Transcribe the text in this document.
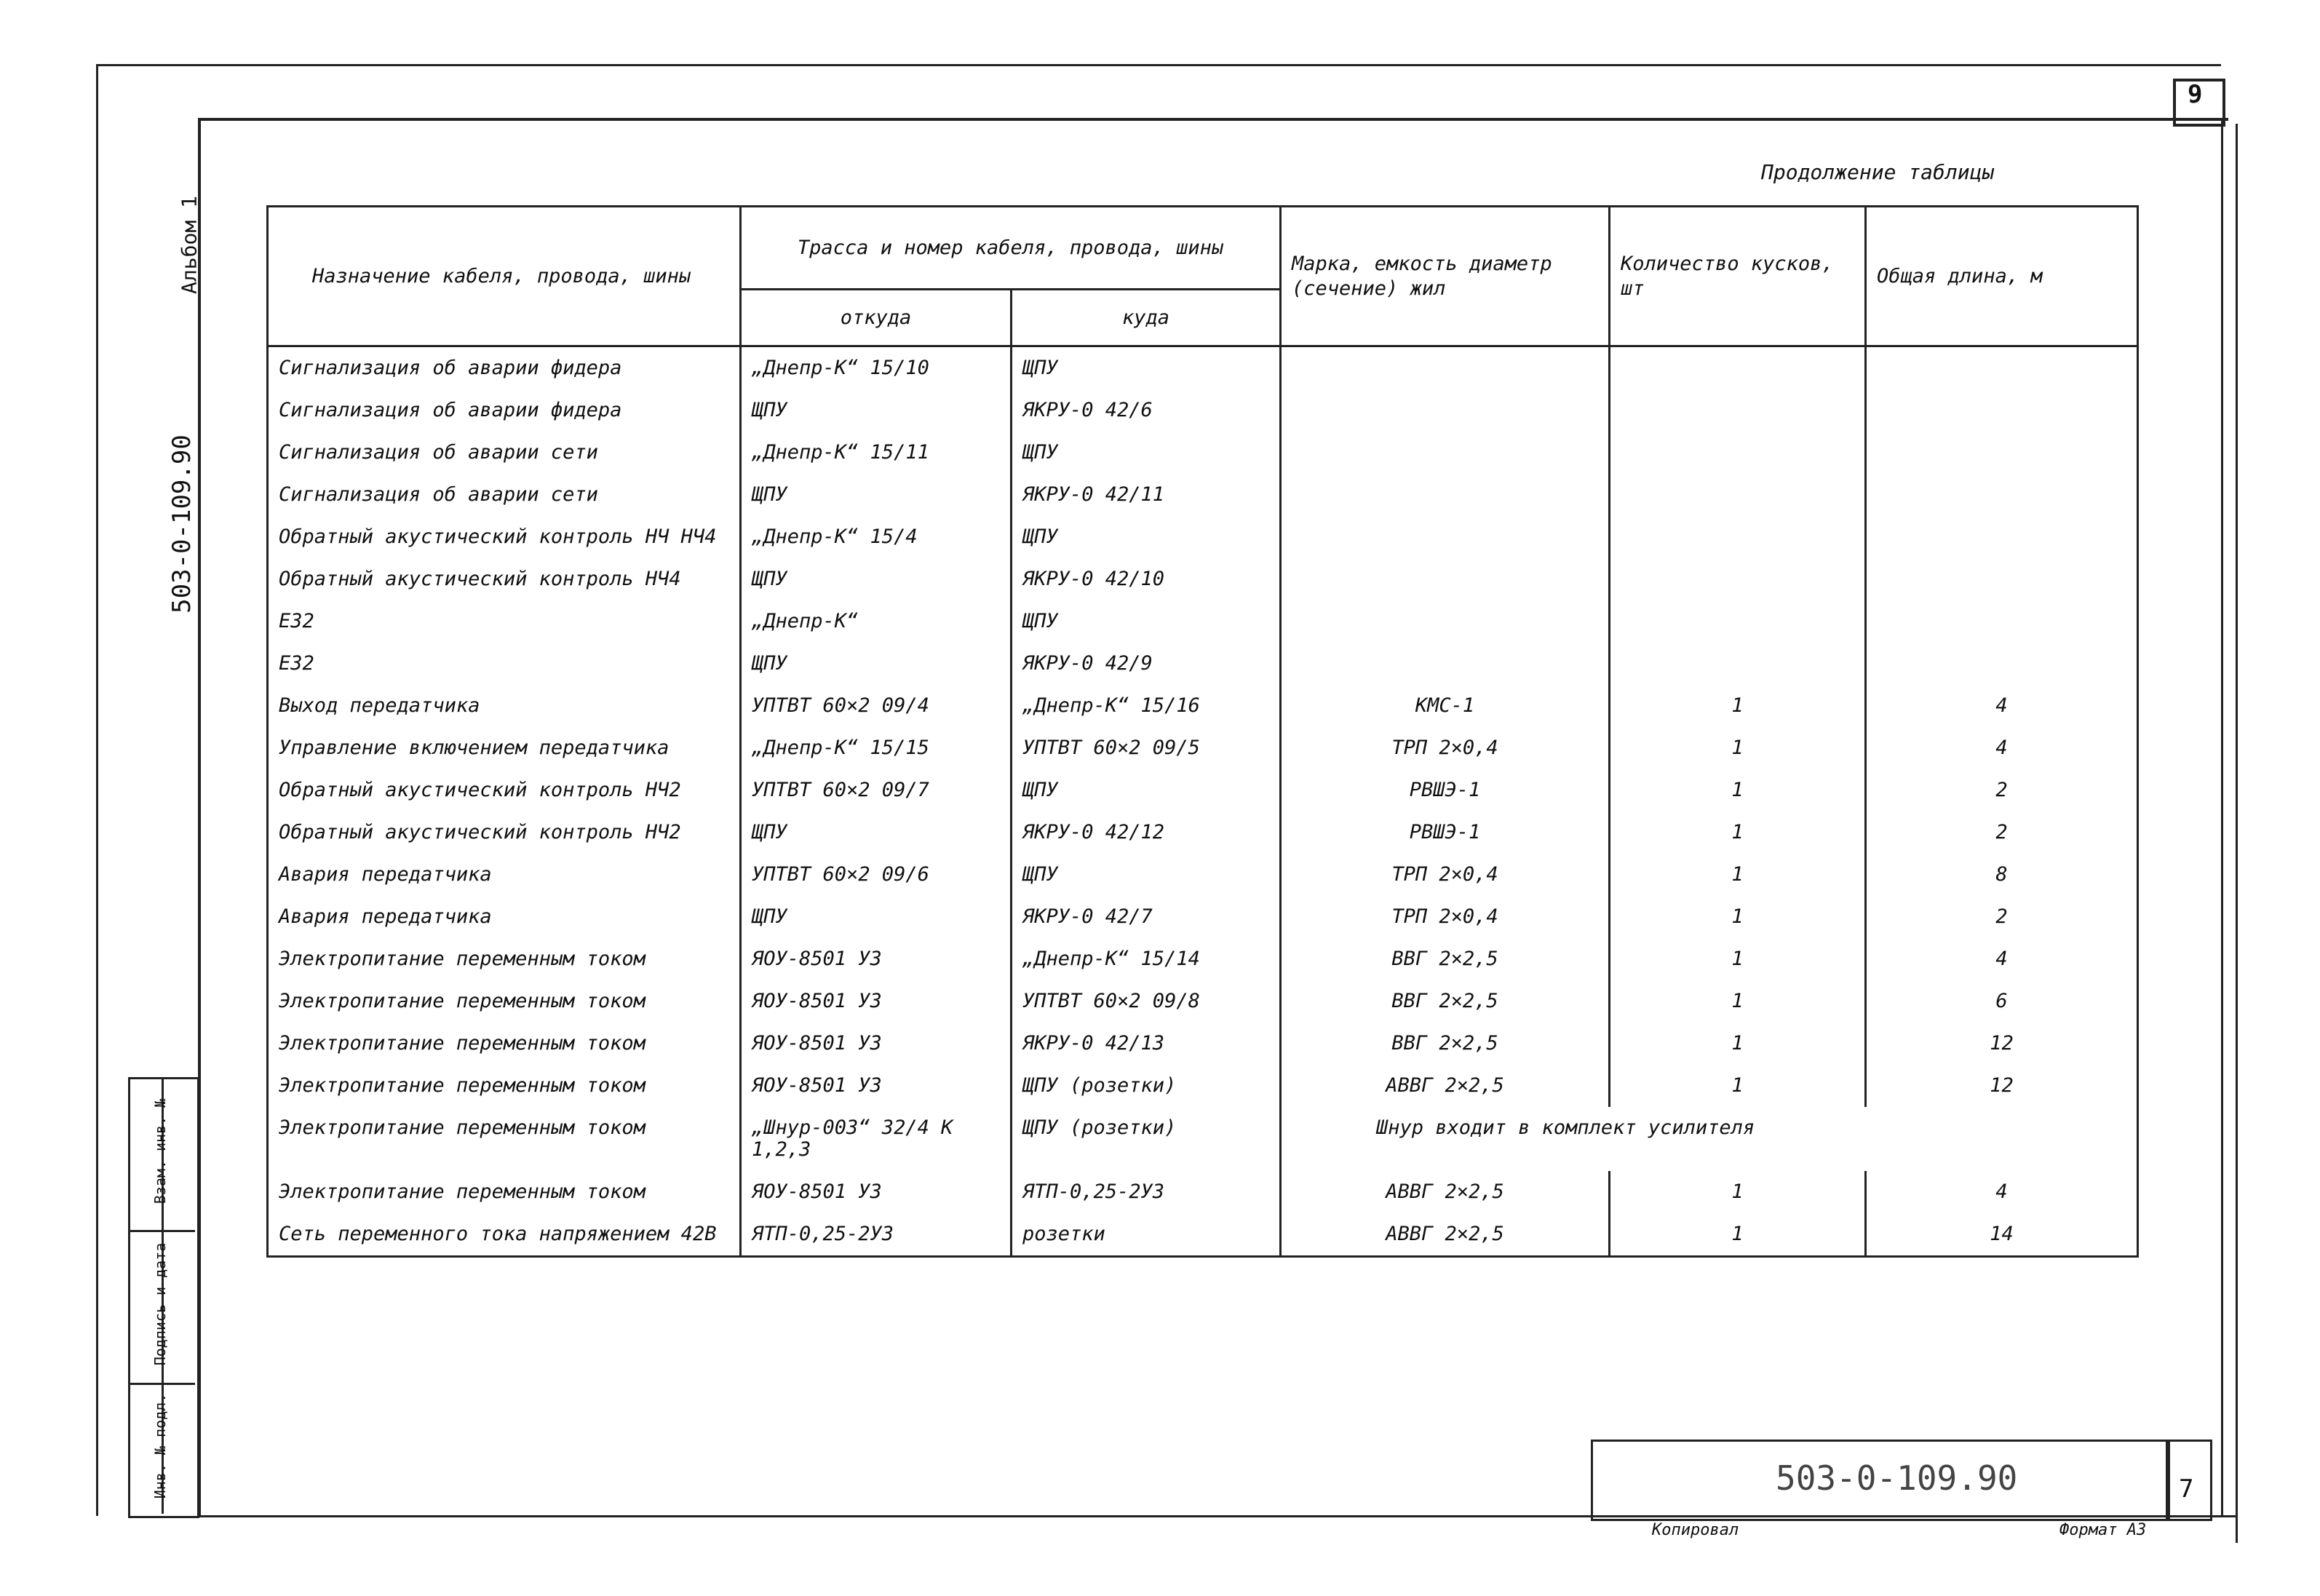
9
Продолжение таблицы
Альбом 1
503-0-109.90
Инв. № подл.
Подпись и дата
Взам. инв. №
Назначение кабеля, провода, шины	Трасса и номер кабеля, провода, шины		Марка, емкость диаметр (сечение) жил	Количество кусков, шт	Общая длина, м
	откуда	куда			
Сигнализация об аварии фидера	„Днепр-К“ 15/10	ЩПУ			
Сигнализация об аварии фидера	ЩПУ	ЯКРУ-0 42/6			
Сигнализация об аварии сети	„Днепр-К“ 15/11	ЩПУ			
Сигнализация об аварии сети	ЩПУ	ЯКРУ-0 42/11			
Обратный акустический контроль НЧ НЧ4	„Днепр-К“ 15/4	ЩПУ			
Обратный акустический контроль НЧ4	ЩПУ	ЯКРУ-0 42/10			
Е32	„Днепр-К“	ЩПУ			
Е32	ЩПУ	ЯКРУ-0 42/9			
Выход передатчика	УПТВТ 60×2 09/4	„Днепр-К“ 15/16	КМС-1	1	4
Управление включением передатчика	„Днепр-К“ 15/15	УПТВТ 60×2 09/5	ТРП 2×0,4	1	4
Обратный акустический контроль НЧ2	УПТВТ 60×2 09/7	ЩПУ	РВШЭ-1	1	2
Обратный акустический контроль НЧ2	ЩПУ	ЯКРУ-0 42/12	РВШЭ-1	1	2
Авария передатчика	УПТВТ 60×2 09/6	ЩПУ	ТРП 2×0,4	1	8
Авария передатчика	ЩПУ	ЯКРУ-0 42/7	ТРП 2×0,4	1	2
Электропитание переменным током	ЯОУ-8501 У3	„Днепр-К“ 15/14	ВВГ 2×2,5	1	4
Электропитание переменным током	ЯОУ-8501 У3	УПТВТ 60×2 09/8	ВВГ 2×2,5	1	6
Электропитание переменным током	ЯОУ-8501 У3	ЯКРУ-0 42/13	ВВГ 2×2,5	1	12
Электропитание переменным током	ЯОУ-8501 У3	ЩПУ (розетки)	АВВГ 2×2,5	1	12
Электропитание переменным током	„Шнур-003“ 32/4 К 1,2,3	ЩПУ (розетки)	Шнур входит в комплект усилителя		
Электропитание переменным током	ЯОУ-8501 У3	ЯТП-0,25-2У3	АВВГ 2×2,5	1	4
Сеть переменного тока напряжением 42В	ЯТП-0,25-2У3	розетки	АВВГ 2×2,5	1	14
503-0-109.90	7
Копировал	Формат А3
